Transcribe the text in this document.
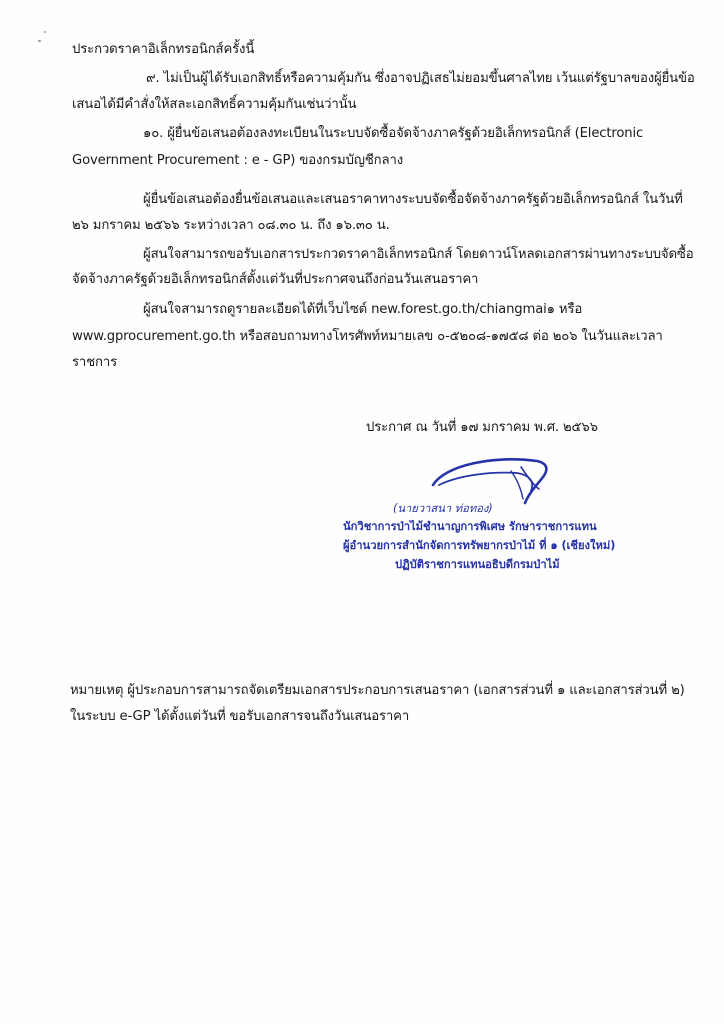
ประกวดราคาอิเล็กทรอนิกส์ครั้งนี้
๙. ไม่เป็นผู้ได้รับเอกสิทธิ์หรือความคุ้มกัน ซึ่งอาจปฏิเสธไม่ยอมขึ้นศาลไทย เว้นแต่รัฐบาลของผู้ยื่นข้อ
เสนอได้มีคำสั่งให้สละเอกสิทธิ์ความคุ้มกันเช่นว่านั้น
๑๐. ผู้ยื่นข้อเสนอต้องลงทะเบียนในระบบจัดซื้อจัดจ้างภาครัฐด้วยอิเล็กทรอนิกส์ (Electronic
Government Procurement : e - GP) ของกรมบัญชีกลาง
ผู้ยื่นข้อเสนอต้องยื่นข้อเสนอและเสนอราคาทางระบบจัดซื้อจัดจ้างภาครัฐด้วยอิเล็กทรอนิกส์ ในวันที่
๒๖ มกราคม ๒๕๖๖ ระหว่างเวลา ๐๘.๓๐ น. ถึง ๑๖.๓๐ น.
ผู้สนใจสามารถขอรับเอกสารประกวดราคาอิเล็กทรอนิกส์ โดยดาวน์โหลดเอกสารผ่านทางระบบจัดซื้อ
จัดจ้างภาครัฐด้วยอิเล็กทรอนิกส์ตั้งแต่วันที่ประกาศจนถึงก่อนวันเสนอราคา
ผู้สนใจสามารถดูรายละเอียดได้ที่เว็บไซต์ new.forest.go.th/chiangmai๑ หรือ
www.gprocurement.go.th หรือสอบถามทางโทรศัพท์หมายเลข ๐-๕๒๐๘-๑๗๕๘ ต่อ ๒๐๖ ในวันและเวลา
ราชการ
ประกาศ ณ วันที่ ๑๗ มกราคม พ.ศ. ๒๕๖๖
(นายวาสนา ท่อทอง)
นักวิชาการป่าไม้ชำนาญการพิเศษ รักษาราชการแทน
ผู้อำนวยการสำนักจัดการทรัพยากรป่าไม้ ที่ ๑ (เชียงใหม่)
ปฏิบัติราชการแทนอธิบดีกรมป่าไม้
หมายเหตุ ผู้ประกอบการสามารถจัดเตรียมเอกสารประกอบการเสนอราคา (เอกสารส่วนที่ ๑ และเอกสารส่วนที่ ๒)
ในระบบ e-GP ได้ตั้งแต่วันที่ ขอรับเอกสารจนถึงวันเสนอราคา
